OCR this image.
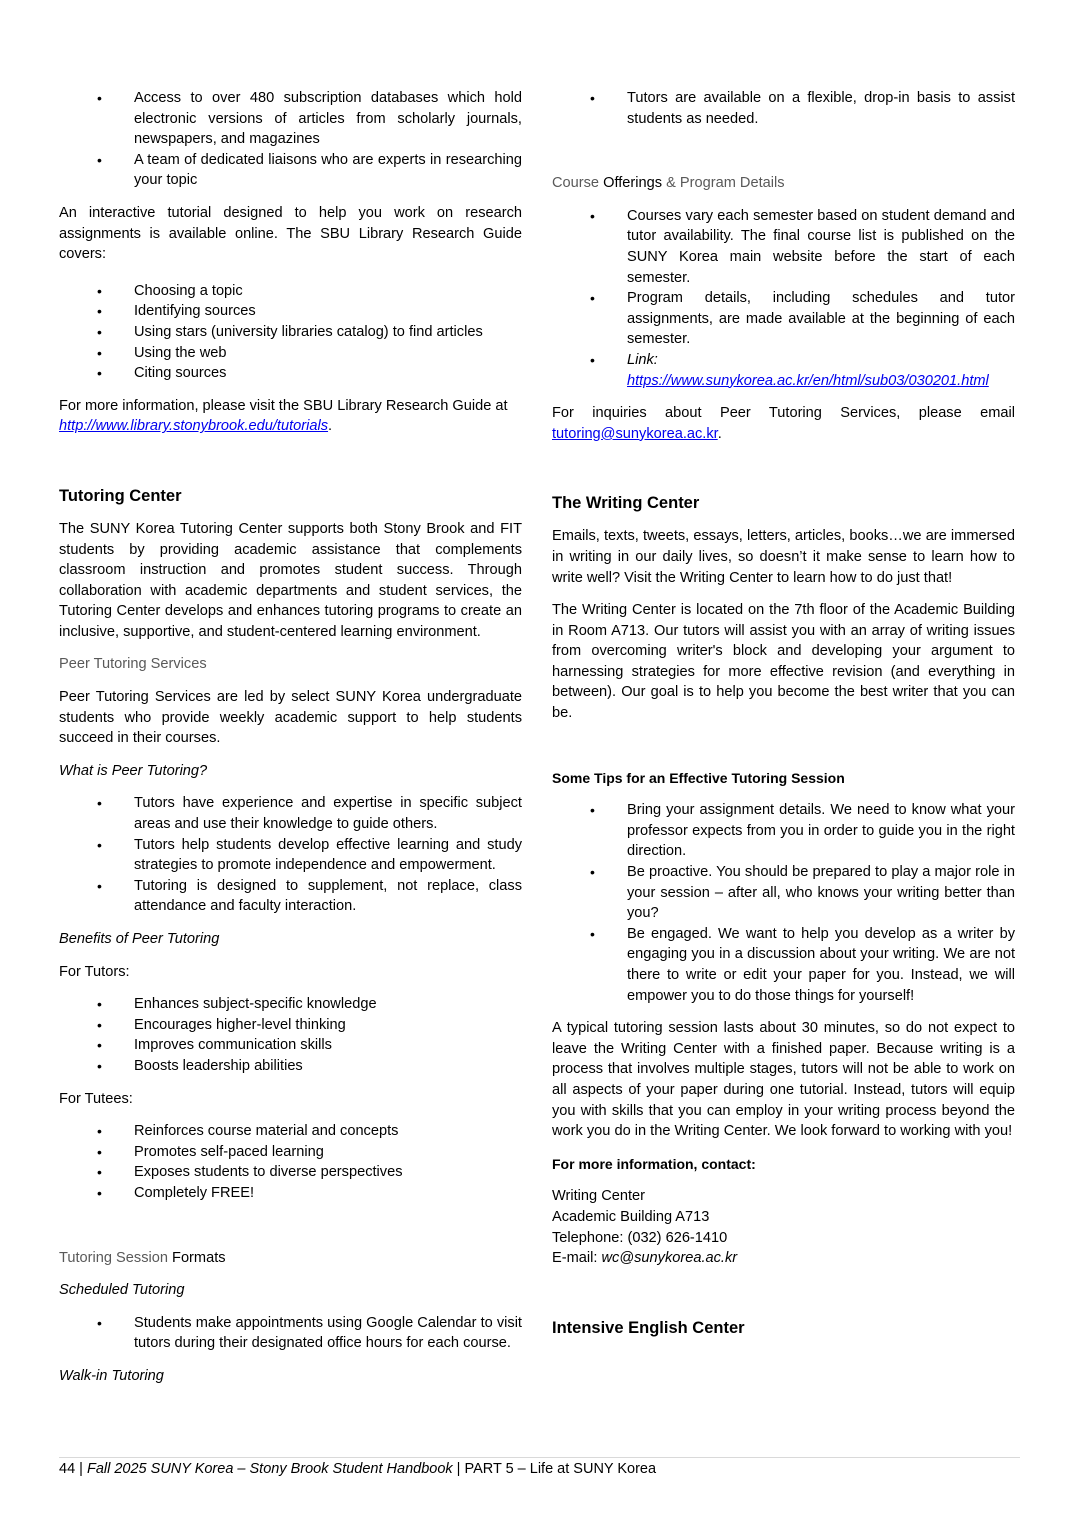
• Access to over 480 subscription databases which hold electronic versions of articles from scholarly journals, newspapers, and magazines
• A team of dedicated liaisons who are experts in researching your topic

An interactive tutorial designed to help you work on research assignments is available online. The SBU Library Research Guide covers:

• Choosing a topic
• Identifying sources
• Using stars (university libraries catalog) to find articles
• Using the web
• Citing sources

For more information, please visit the SBU Library Research Guide at http://www.library.stonybrook.edu/tutorials.

Tutoring Center

The SUNY Korea Tutoring Center supports both Stony Brook and FIT students by providing academic assistance that complements classroom instruction and promotes student success. Through collaboration with academic departments and student services, the Tutoring Center develops and enhances tutoring programs to create an inclusive, supportive, and student-centered learning environment.

Peer Tutoring Services

Peer Tutoring Services are led by select SUNY Korea undergraduate students who provide weekly academic support to help students succeed in their courses.

What is Peer Tutoring?
• Tutors have experience and expertise in specific subject areas and use their knowledge to guide others.
• Tutors help students develop effective learning and study strategies to promote independence and empowerment.
• Tutoring is designed to supplement, not replace, class attendance and faculty interaction.
Benefits of Peer Tutoring
For Tutors:
• Enhances subject-specific knowledge
• Encourages higher-level thinking
• Improves communication skills
• Boosts leadership abilities
For Tutees:
• Reinforces course material and concepts
• Promotes self-paced learning
• Exposes students to diverse perspectives
• Completely FREE!
Tutoring Session Formats
Scheduled Tutoring
• Students make appointments using Google Calendar to visit tutors during their designated office hours for each course.
Walk-in Tutoring
• Tutors are available on a flexible, drop-in basis to assist students as needed.
Course Offerings & Program Details
• Courses vary each semester based on student demand and tutor availability. The final course list is published on the SUNY Korea main website before the start of each semester.
• Program details, including schedules and tutor assignments, are made available at the beginning of each semester.
• Link:
https://www.sunykorea.ac.kr/en/html/sub03/030201.html

For inquiries about Peer Tutoring Services, please email tutoring@sunykorea.ac.kr.

The Writing Center

Emails, texts, tweets, essays, letters, articles, books…we are immersed in writing in our daily lives, so doesn’t it make sense to learn how to write well? Visit the Writing Center to learn how to do just that!

The Writing Center is located on the 7th floor of the Academic Building in Room A713. Our tutors will assist you with an array of writing issues from overcoming writer's block and developing your argument to harnessing strategies for more effective revision (and everything in between). Our goal is to help you become the best writer that you can be.

Some Tips for an Effective Tutoring Session
• Bring your assignment details. We need to know what your professor expects from you in order to guide you in the right direction.
• Be proactive. You should be prepared to play a major role in your session – after all, who knows your writing better than you?
• Be engaged. We want to help you develop as a writer by engaging you in a discussion about your writing. We are not there to write or edit your paper for you. Instead, we will empower you to do those things for yourself!

A typical tutoring session lasts about 30 minutes, so do not expect to leave the Writing Center with a finished paper. Because writing is a process that involves multiple stages, tutors will not be able to work on all aspects of your paper during one tutorial. Instead, tutors will equip you with skills that you can employ in your writing process beyond the work you do in the Writing Center. We look forward to working with you!

For more information, contact:
Writing Center
Academic Building A713
Telephone: (032) 626-1410
E-mail: wc@sunykorea.ac.kr
Intensive English Center
44 | Fall 2025 SUNY Korea – Stony Brook Student Handbook | PART 5 – Life at SUNY Korea
